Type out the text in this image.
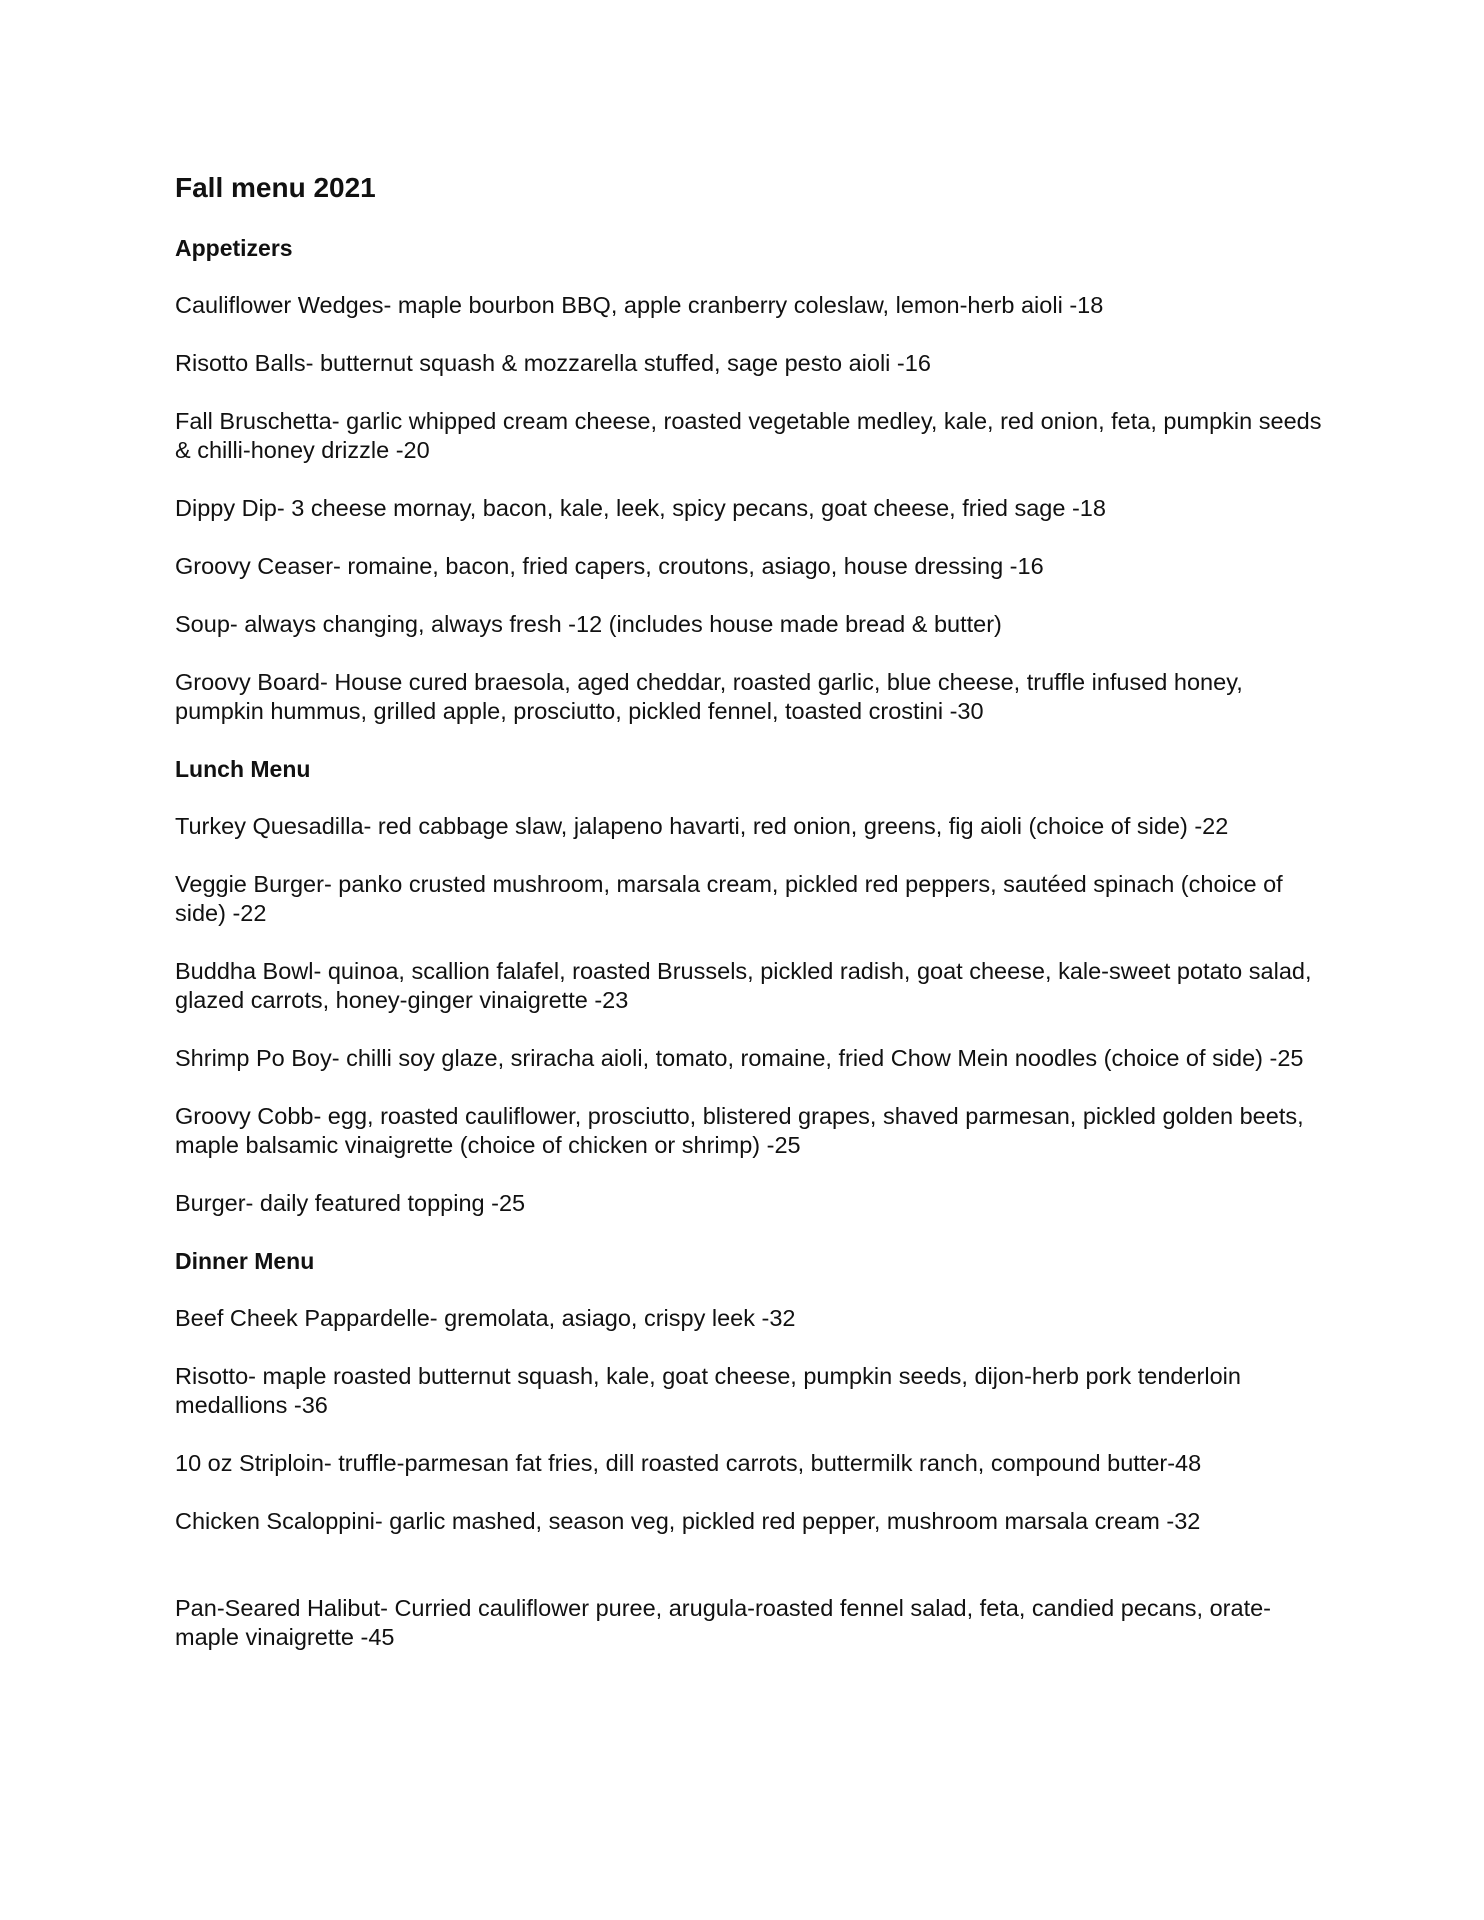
Fall menu 2021
Appetizers
Cauliflower Wedges- maple bourbon BBQ, apple cranberry coleslaw, lemon-herb aioli -18
Risotto Balls- butternut squash & mozzarella stuffed, sage pesto aioli -16
Fall Bruschetta- garlic whipped cream cheese, roasted vegetable medley, kale, red onion, feta, pumpkin seeds & chilli-honey drizzle -20
Dippy Dip- 3 cheese mornay, bacon, kale, leek, spicy pecans, goat cheese, fried sage -18
Groovy Ceaser- romaine, bacon, fried capers, croutons, asiago, house dressing -16
Soup- always changing, always fresh -12 (includes house made bread & butter)
Groovy Board- House cured braesola, aged cheddar, roasted garlic, blue cheese, truffle infused honey, pumpkin hummus, grilled apple, prosciutto, pickled fennel, toasted crostini -30
Lunch Menu
Turkey Quesadilla- red cabbage slaw, jalapeno havarti, red onion, greens, fig aioli (choice of side) -22
Veggie Burger- panko crusted mushroom, marsala cream, pickled red peppers, sautéed spinach (choice of side) -22
Buddha Bowl- quinoa, scallion falafel, roasted Brussels, pickled radish, goat cheese, kale-sweet potato salad, glazed carrots, honey-ginger vinaigrette -23
Shrimp Po Boy- chilli soy glaze, sriracha aioli, tomato, romaine, fried Chow Mein noodles (choice of side) -25
Groovy Cobb- egg, roasted cauliflower, prosciutto, blistered grapes, shaved parmesan, pickled golden beets, maple balsamic vinaigrette (choice of chicken or shrimp) -25
Burger- daily featured topping -25
Dinner Menu
Beef Cheek Pappardelle- gremolata, asiago, crispy leek -32
Risotto- maple roasted butternut squash, kale, goat cheese, pumpkin seeds, dijon-herb pork tenderloin medallions -36
10 oz Striploin- truffle-parmesan fat fries, dill roasted carrots, buttermilk ranch, compound butter-48
Chicken Scaloppini- garlic mashed, season veg, pickled red pepper, mushroom marsala cream -32
Pan-Seared Halibut- Curried cauliflower puree, arugula-roasted fennel salad, feta, candied pecans, orate-maple vinaigrette -45
